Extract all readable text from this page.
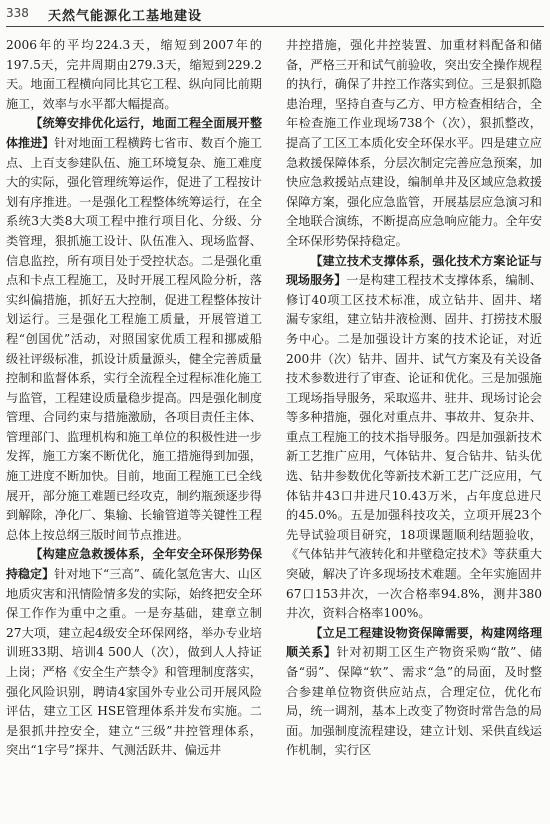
338 天然气能源化工基地建设

2006年的平均224.3天，缩短到2007年的197.5天，完井周期由279.3天，缩短到229.2天。地面工程横向同比其它工程、纵向同比前期施工，效率与水平都大幅提高。

【统筹安排优化运行，地面工程全面展开整体推进】针对地面工程横跨七省市、数百个施工点、上百支参建队伍、施工环境复杂、施工难度大的实际，强化管理统筹运作，促进了工程按计划有序推进。一是强化工程整体统筹运行，在全系统3大类8大项工程中推行项目化、分级、分类管理，狠抓施工设计、队伍准入、现场监督、信息监控，所有项目处于受控状态。二是强化重点和卡点工程施工，及时开展工程风险分析，落实纠偏措施，抓好五大控制，促进工程整体按计划运行。三是强化工程施工质量，开展管道工程“创国优”活动，对照国家优质工程和挪威船级社评级标准，抓设计质量源头，健全完善质量控制和监督体系，实行全流程全过程标准化施工与监管，工程建设质量稳步提高。四是强化制度管理、合同约束与措施激励，各项目责任主体、管理部门、监理机构和施工单位的积极性进一步发挥，施工方案不断优化，施工措施得到加强，施工进度不断加快。目前，地面工程施工已全线展开，部分施工难题已经攻克，制约瓶颈逐步得到解除，净化厂、集输、长输管道等关键性工程总体上按总纲三版时间节点推进。

【构建应急救援体系，全年安全环保形势保持稳定】针对地下“三高”、硫化氢危害大、山区地质灾害和汛情险情多发的实际，始终把安全环保工作作为重中之重。一是夯基础，建章立制27大项，建立起4级安全环保网络，举办专业培训班33期、培训4 500人（次），做到人人持证上岗；严格《安全生产禁令》和管理制度落实，强化风险识别，聘请4家国外专业公司开展风险评估，建立工区 HSE管理体系并发布实施。二是狠抓井控安全，建立“三级”井控管理体系，突出“1字号”探井、气测活跃井、偏远井

井控措施，强化井控装置、加重材料配备和储备，严格三开和试气前验收，突出安全操作规程的执行，确保了井控工作落实到位。三是狠抓隐患治理，坚持自查与乙方、甲方检查相结合，全年检查施工作业现场738个（次），狠抓整改，提高了工区工本质化安全环保水平。四是建立应急救援保障体系，分层次制定完善应急预案，加快应急救援站点建设，编制单井及区域应急救援保障方案，强化应急监管，开展基层应急演习和全地联合演练，不断提高应急响应能力。全年安全环保形势保持稳定。

【建立技术支撑体系，强化技术方案论证与现场服务】一是构建工程技术支撑体系，编制、修订40项工区技术标准，成立钻井、固井、堵漏专家组，建立钻井液检测、固井、打捞技术服务中心。二是加强设计方案的技术论证，对近200井（次）钻井、固井、试气方案及有关设备技术参数进行了审查、论证和优化。三是加强施工现场指导服务，采取巡井、驻井、现场讨论会等多种措施，强化对重点井、事故井、复杂井、重点工程施工的技术指导服务。四是加强新技术新工艺推广应用，气体钻井、复合钻井、钻头优选、钻井参数优化等新技术新工艺广泛应用，气体钻井43口井进尺10.43万米，占年度总进尺的45.0%。五是加强科技攻关，立项开展23个先导试验项目研究，18项课题顺利结题验收，《气体钻井气液转化和井壁稳定技术》等获重大突破，解决了许多现场技术难题。全年实施固井67口153井次，一次合格率94.8%，测井380井次，资料合格率100%。

【立足工程建设物资保障需要，构建网络理顺关系】针对初期工区生产物资采购“散”、储备“弱”、保障“软”、需求“急”的局面，及时整合参建单位物资供应站点，合理定位，优化布局，统一调剂，基本上改变了物资时常告急的局面。加强制度流程建设，建立计划、采供直线运作机制，实行区
